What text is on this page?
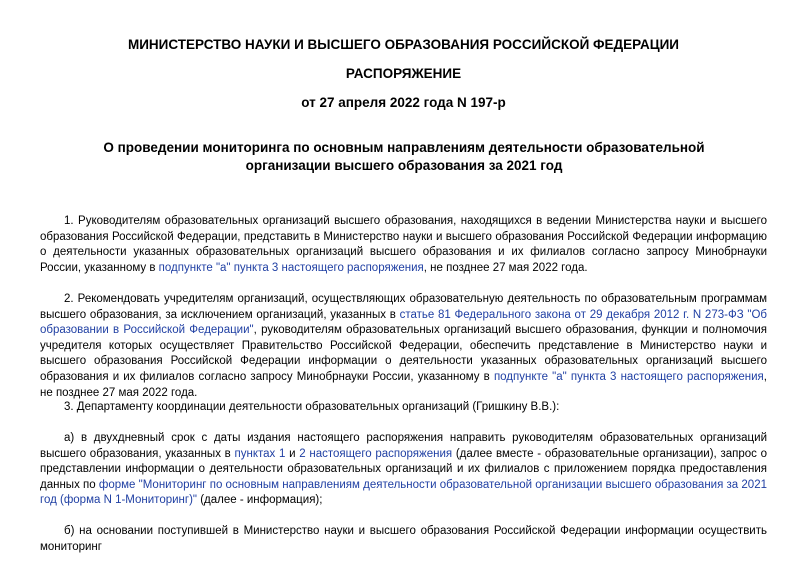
МИНИСТЕРСТВО НАУКИ И ВЫСШЕГО ОБРАЗОВАНИЯ РОССИЙСКОЙ ФЕДЕРАЦИИ
РАСПОРЯЖЕНИЕ
от 27 апреля 2022 года N 197-р
О проведении мониторинга по основным направлениям деятельности образовательной организации высшего образования за 2021 год
1. Руководителям образовательных организаций высшего образования, находящихся в ведении Министерства науки и высшего образования Российской Федерации, представить в Министерство науки и высшего образования Российской Федерации информацию о деятельности указанных образовательных организаций высшего образования и их филиалов согласно запросу Минобрнауки России, указанному в подпункте "а" пункта 3 настоящего распоряжения, не позднее 27 мая 2022 года.
2. Рекомендовать учредителям организаций, осуществляющих образовательную деятельность по образовательным программам высшего образования, за исключением организаций, указанных в статье 81 Федерального закона от 29 декабря 2012 г. N 273-ФЗ "Об образовании в Российской Федерации", руководителям образовательных организаций высшего образования, функции и полномочия учредителя которых осуществляет Правительство Российской Федерации, обеспечить представление в Министерство науки и высшего образования Российской Федерации информации о деятельности указанных образовательных организаций высшего образования и их филиалов согласно запросу Минобрнауки России, указанному в подпункте "а" пункта 3 настоящего распоряжения, не позднее 27 мая 2022 года.
3. Департаменту координации деятельности образовательных организаций (Гришкину В.В.):
а) в двухдневный срок с даты издания настоящего распоряжения направить руководителям образовательных организаций высшего образования, указанных в пунктах 1 и 2 настоящего распоряжения (далее вместе - образовательные организации), запрос о представлении информации о деятельности образовательных организаций и их филиалов с приложением порядка предоставления данных по форме "Мониторинг по основным направлениям деятельности образовательной организации высшего образования за 2021 год (форма N 1-Мониторинг)" (далее - информация);
б) на основании поступившей в Министерство науки и высшего образования Российской Федерации информации осуществить мониторинг
